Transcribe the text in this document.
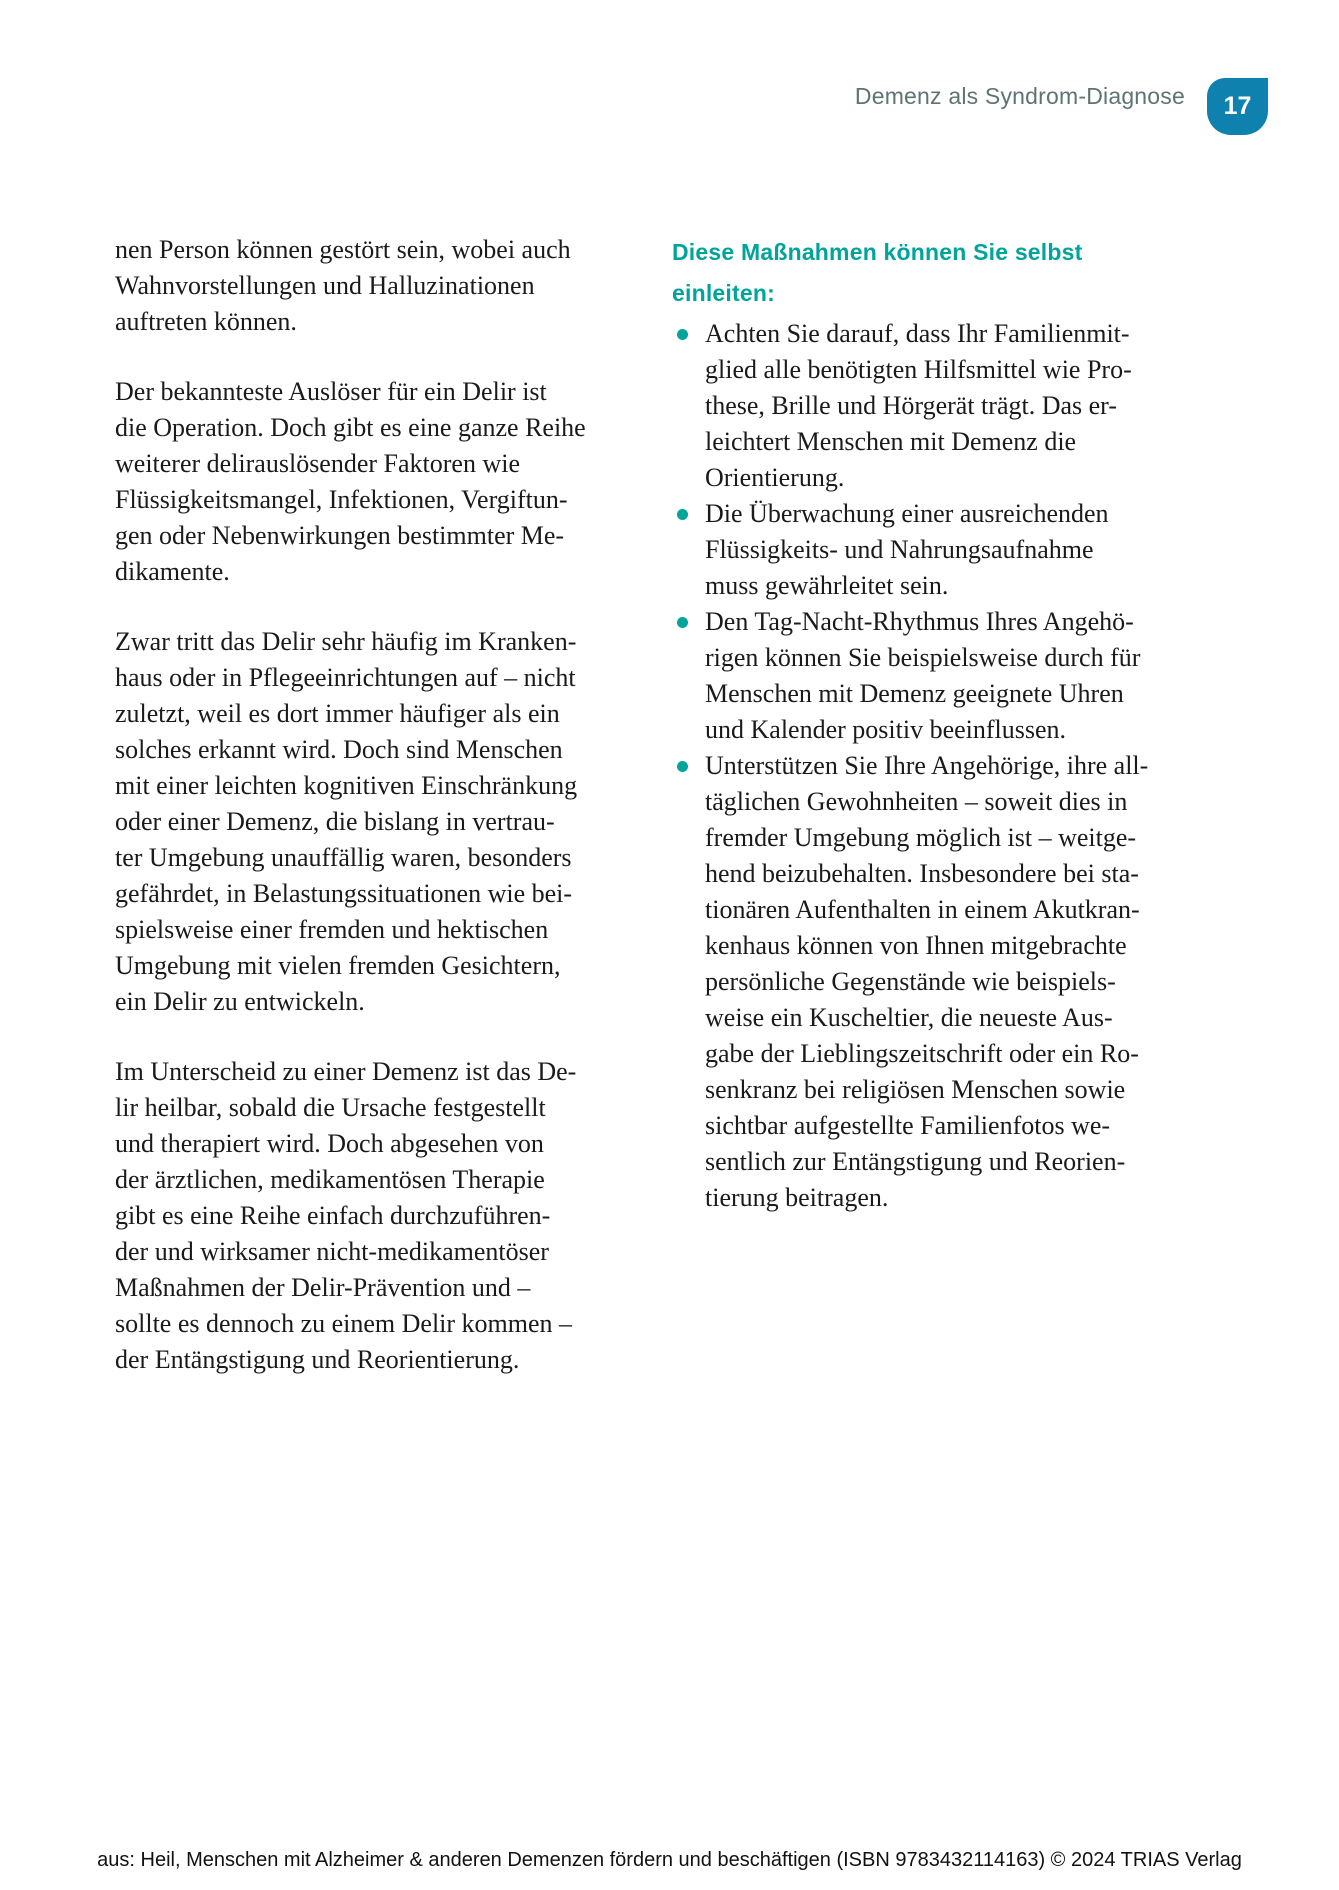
Demenz als Syndrom-Diagnose	17

nen Person können gestört sein, wobei auch
Wahnvorstellungen und Halluzinationen
auftreten können.

Der bekannteste Auslöser für ein Delir ist
die Operation. Doch gibt es eine ganze Reihe
weiterer delirauslösender Faktoren wie
Flüssigkeitsmangel, Infektionen, Vergiftun-
gen oder Nebenwirkungen bestimmter Me-
dikamente.

Zwar tritt das Delir sehr häufig im Kranken-
haus oder in Pflegeeinrichtungen auf – nicht
zuletzt, weil es dort immer häufiger als ein
solches erkannt wird. Doch sind Menschen
mit einer leichten kognitiven Einschränkung
oder einer Demenz, die bislang in vertrau-
ter Umgebung unauffällig waren, besonders
gefährdet, in Belastungssituationen wie bei-
spielsweise einer fremden und hektischen
Umgebung mit vielen fremden Gesichtern,
ein Delir zu entwickeln.

Im Unterscheid zu einer Demenz ist das De-
lir heilbar, sobald die Ursache festgestellt
und therapiert wird. Doch abgesehen von
der ärztlichen, medikamentösen Therapie
gibt es eine Reihe einfach durchzuführen-
der und wirksamer nicht-medikamentöser
Maßnahmen der Delir-Prävention und –
sollte es dennoch zu einem Delir kommen –
der Entängstigung und Reorientierung.

Diese Maßnahmen können Sie selbst
einleiten:
Achten Sie darauf, dass Ihr Familienmit-
glied alle benötigten Hilfsmittel wie Pro-
these, Brille und Hörgerät trägt. Das er-
leichtert Menschen mit Demenz die
Orientierung.
Die Überwachung einer ausreichenden
Flüssigkeits- und Nahrungsaufnahme
muss gewährleitet sein.
Den Tag-Nacht-Rhythmus Ihres Angehö-
rigen können Sie beispielsweise durch für
Menschen mit Demenz geeignete Uhren
und Kalender positiv beeinflussen.
Unterstützen Sie Ihre Angehörige, ihre all-
täglichen Gewohnheiten – soweit dies in
fremder Umgebung möglich ist – weitge-
hend beizubehalten. Insbesondere bei sta-
tionären Aufenthalten in einem Akutkran-
kenhaus können von Ihnen mitgebrachte
persönliche Gegenstände wie beispiels-
weise ein Kuscheltier, die neueste Aus-
gabe der Lieblingszeitschrift oder ein Ro-
senkranz bei religiösen Menschen sowie
sichtbar aufgestellte Familienfotos we-
sentlich zur Entängstigung und Reorien-
tierung beitragen.
aus: Heil, Menschen mit Alzheimer & anderen Demenzen fördern und beschäftigen (ISBN 9783432114163) © 2024 TRIAS Verlag
